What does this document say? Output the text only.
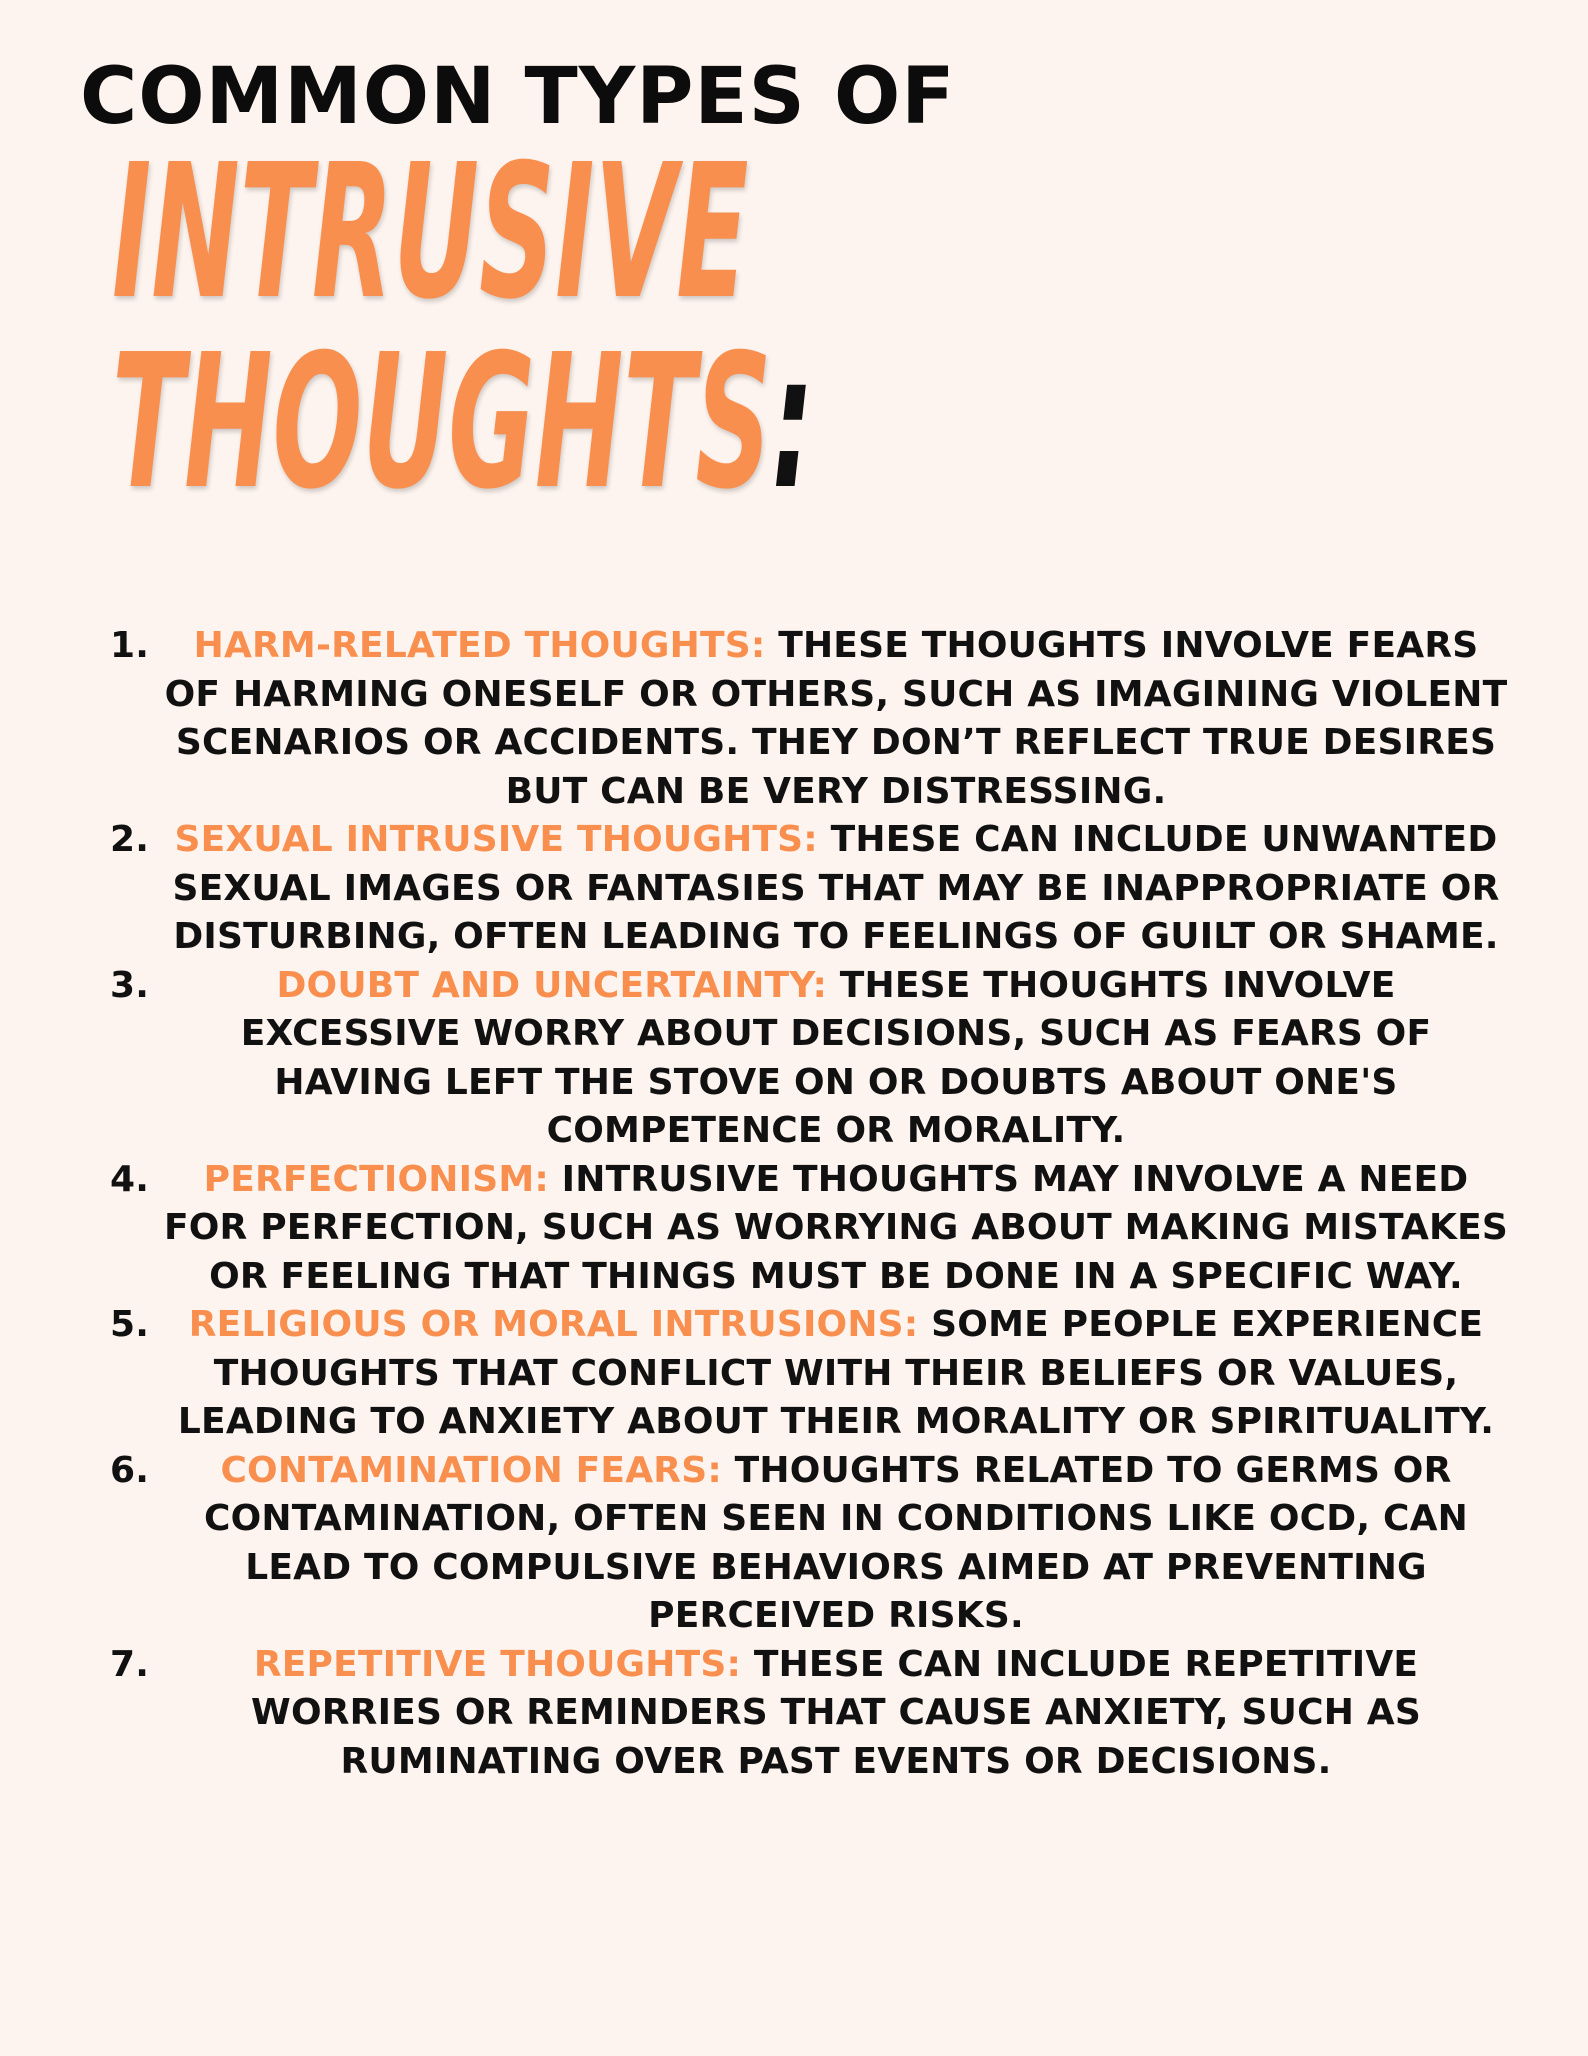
COMMON TYPES OF
INTRUSIVE
THOUGHTS:
1.	HARM-RELATED THOUGHTS: THESE THOUGHTS INVOLVE FEARS OF HARMING ONESELF OR OTHERS, SUCH AS IMAGINING VIOLENT SCENARIOS OR ACCIDENTS. THEY DON’T REFLECT TRUE DESIRES BUT CAN BE VERY DISTRESSING.
2. SEXUAL INTRUSIVE THOUGHTS: THESE CAN INCLUDE UNWANTED SEXUAL IMAGES OR FANTASIES THAT MAY BE INAPPROPRIATE OR DISTURBING, OFTEN LEADING TO FEELINGS OF GUILT OR SHAME.
3.	DOUBT AND UNCERTAINTY: THESE THOUGHTS INVOLVE EXCESSIVE WORRY ABOUT DECISIONS, SUCH AS FEARS OF HAVING LEFT THE STOVE ON OR DOUBTS ABOUT ONE'S COMPETENCE OR MORALITY.
4.	PERFECTIONISM: INTRUSIVE THOUGHTS MAY INVOLVE A NEED FOR PERFECTION, SUCH AS WORRYING ABOUT MAKING MISTAKES OR FEELING THAT THINGS MUST BE DONE IN A SPECIFIC WAY.
5.	RELIGIOUS OR MORAL INTRUSIONS: SOME PEOPLE EXPERIENCE THOUGHTS THAT CONFLICT WITH THEIR BELIEFS OR VALUES, LEADING TO ANXIETY ABOUT THEIR MORALITY OR SPIRITUALITY.
6.	CONTAMINATION FEARS: THOUGHTS RELATED TO GERMS OR CONTAMINATION, OFTEN SEEN IN CONDITIONS LIKE OCD, CAN LEAD TO COMPULSIVE BEHAVIORS AIMED AT PREVENTING PERCEIVED RISKS.
7.	REPETITIVE THOUGHTS: THESE CAN INCLUDE REPETITIVE WORRIES OR REMINDERS THAT CAUSE ANXIETY, SUCH AS RUMINATING OVER PAST EVENTS OR DECISIONS.
